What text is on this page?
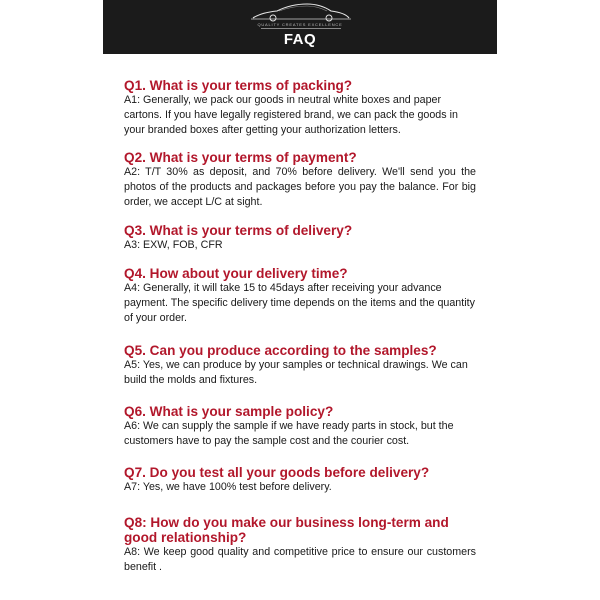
QUALITY CREATES EXCELLENCE
FAQ

Q1. What is your terms of packing?

A1: Generally, we pack our goods in neutral white boxes and paper cartons. If you have legally registered brand, we can pack the goods in your branded boxes after getting your authorization letters.

Q2. What is your terms of payment?

A2: T/T 30% as deposit, and 70% before delivery. We'll send you the photos of the products and packages before you pay the balance. For big order, we accept L/C at sight.

Q3. What is your terms of delivery?

A3: EXW, FOB, CFR

Q4. How about your delivery time?

A4: Generally, it will take 15 to 45days after receiving your advance payment. The specific delivery time depends on the items and the quantity of your order.

Q5. Can you produce according to the samples?

A5: Yes, we can produce by your samples or technical drawings. We can build the molds and fixtures.

Q6. What is your sample policy?

A6: We can supply the sample if we have ready parts in stock, but the customers have to pay the sample cost and the courier cost.

Q7. Do you test all your goods before delivery?

A7: Yes, we have 100% test before delivery.

Q8: How do you make our business long-term and good relationship?

A8: We keep good quality and competitive price to ensure our customers benefit .
